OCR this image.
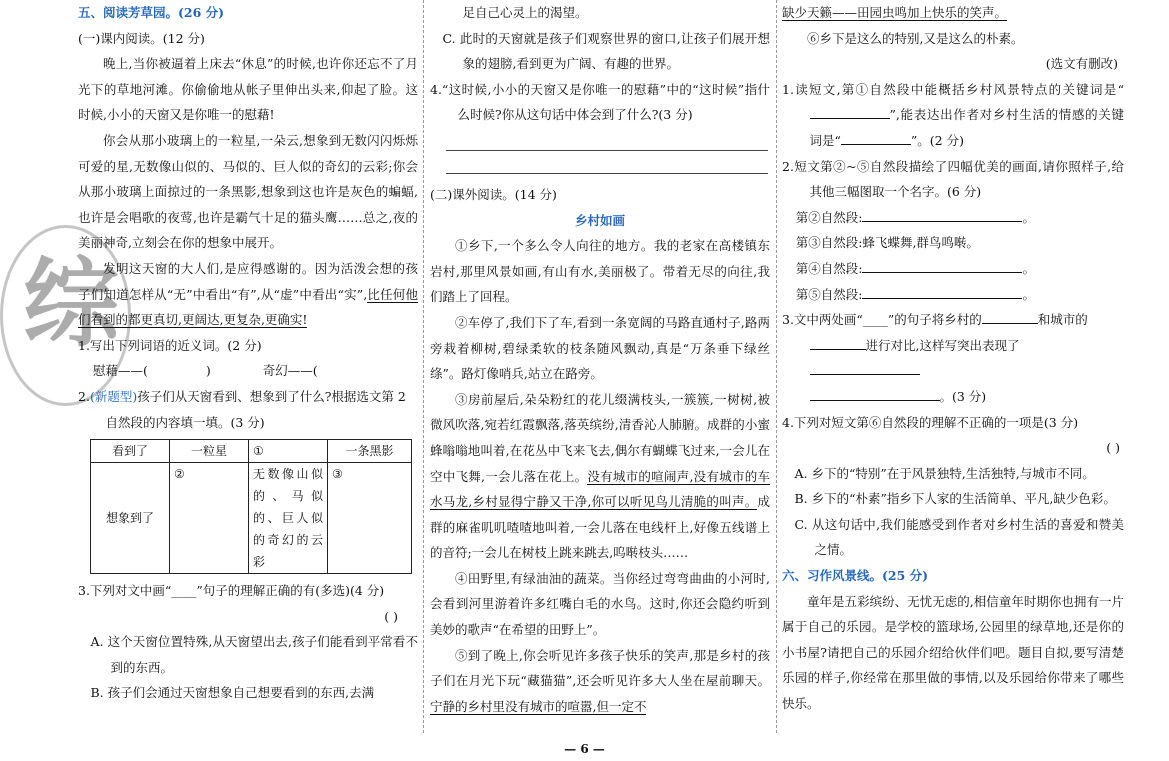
综

五、阅读芳草园。(26 分)

(一)课内阅读。(12 分)

晚上,当你被逼着上床去“休息”的时候,也许你还忘不了月光下的草地河滩。你偷偷地从帐子里伸出头来,仰起了脸。这时候,小小的天窗又是你唯一的慰藉!

你会从那小玻璃上的一粒星,一朵云,想象到无数闪闪烁烁可爱的星,无数像山似的、马似的、巨人似的奇幻的云彩;你会从那小玻璃上面掠过的一条黑影,想象到这也许是灰色的蝙蝠,也许是会唱歌的夜莺,也许是霸气十足的猫头鹰……总之,夜的美丽神奇,立刻会在你的想象中展开。

发明这天窗的大人们,是应得感谢的。因为活泼会想的孩子们知道怎样从“无”中看出“有”,从“虚”中看出“实”,比任何他们看到的都更真切,更阔达,更复杂,更确实!

1.写出下列词语的近义词。(2 分)

慰藉——(	)	奇幻——(

2.(新题型)孩子们从天窗看到、想象到了什么?根据选文第 2 自然段的内容填一填。(3 分)

看到了	一粒星	①	一条黑影
想象到了	②	无数像山似的、马似的、巨人似的奇幻的云彩	③

3.下列对文中画“____”句子的理解正确的有(多选)(4 分)

( )

A. 这个天窗位置特殊,从天窗望出去,孩子们能看到平常看不到的东西。

B. 孩子们会通过天窗想象自己想要看到的东西,去满

足自己心灵上的渴望。

C. 此时的天窗就是孩子们观察世界的窗口,让孩子们展开想象的翅膀,看到更为广阔、有趣的世界。

4.“这时候,小小的天窗又是你唯一的慰藉”中的“这时候”指什么时候?你从这句话中体会到了什么?(3 分)

(二)课外阅读。(14 分)

乡村如画

①乡下,一个多么令人向往的地方。我的老家在高楼镇东岩村,那里风景如画,有山有水,美丽极了。带着无尽的向往,我们踏上了回程。

②车停了,我们下了车,看到一条宽阔的马路直通村子,路两旁栽着柳树,碧绿柔软的枝条随风飘动,真是“万条垂下绿丝绦”。路灯像哨兵,站立在路旁。

③房前屋后,朵朵粉红的花儿缀满枝头,一簇簇,一树树,被微风吹落,宛若红霞飘落,落英缤纷,清香沁人肺腑。成群的小蜜蜂嗡嗡地叫着,在花丛中飞来飞去,偶尔有蝴蝶飞过来,一会儿在空中飞舞,一会儿落在花上。没有城市的喧闹声,没有城市的车水马龙,乡村显得宁静又干净,你可以听见鸟儿清脆的叫声。成群的麻雀叽叽喳喳地叫着,一会儿落在电线杆上,好像五线谱上的音符;一会儿在树枝上跳来跳去,呜啭枝头……

④田野里,有绿油油的蔬菜。当你经过弯弯曲曲的小河时,会看到河里游着许多红嘴白毛的水鸟。这时,你还会隐约听到美妙的歌声“在希望的田野上”。

⑤到了晚上,你会听见许多孩子快乐的笑声,那是乡村的孩子们在月光下玩“藏猫猫”,还会听见许多大人坐在屋前聊天。宁静的乡村里没有城市的喧嚣,但一定不

缺少天籁——田园虫鸣加上快乐的笑声。

⑥乡下是这么的特别,又是这么的朴素。

(选文有删改)

1.读短文,第①自然段中能概括乡村风景特点的关键词是“”,能表达出作者对乡村生活的情感的关键词是“	”。(2 分)

2.短文第②~⑤自然段描绘了四幅优美的画面,请你照样子,给其他三幅图取一个名字。(6 分)

第②自然段:	。

第③自然段:蜂飞蝶舞,群鸟鸣啭。

第④自然段:	。

第⑤自然段:	。

3.文中两处画“____”的句子将乡村的	和城市的
进行对比,这样写突出表现了
。(3 分)

4.下列对短文第⑥自然段的理解不正确的一项是(3 分)

( )

A. 乡下的“特别”在于风景独特,生活独特,与城市不同。

B. 乡下的“朴素”指乡下人家的生活简单、平凡,缺少色彩。

C. 从这句话中,我们能感受到作者对乡村生活的喜爱和赞美之情。

六、习作风景线。(25 分)

童年是五彩缤纷、无忧无虑的,相信童年时期你也拥有一片属于自己的乐园。是学校的篮球场,公园里的绿草地,还是你的小书屋?请把自己的乐园介绍给伙伴们吧。题目自拟,要写清楚乐园的样子,你经常在那里做的事情,以及乐园给你带来了哪些快乐。

— 6 —
